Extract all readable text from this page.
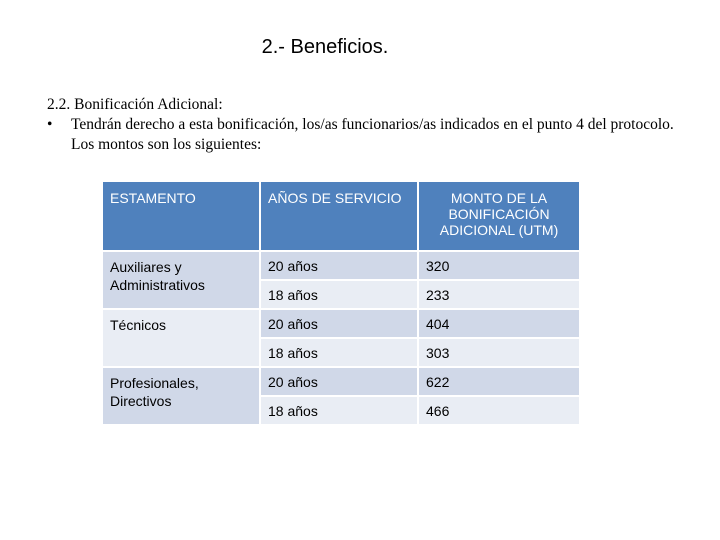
2.- Beneficios.
2.2. Bonificación Adicional:
• Tendrán derecho a esta bonificación, los/as funcionarios/as indicados en el punto 4 del protocolo. Los montos son los siguientes:
ESTAMENTO	AÑOS DE SERVICIO	MONTO DE LA BONIFICACIÓN ADICIONAL (UTM)
Auxiliares y Administrativos	20 años	320
	18 años	233
Técnicos	20 años	404
	18 años	303
Profesionales, Directivos	20 años	622
	18 años	466
